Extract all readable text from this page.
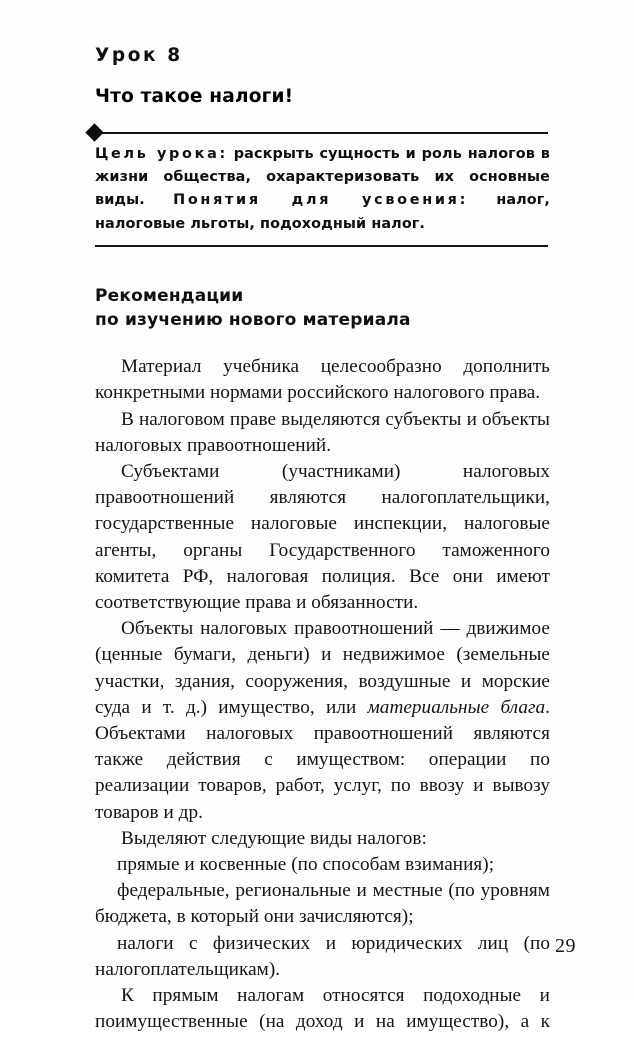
Урок 8
Что такое налоги!

Цель урока: раскрыть сущность и роль налогов в жизни общества, охарактеризовать их основные виды. Понятия для усвоения: налог, налоговые льготы, подоходный налог.

Рекомендации
по изучению нового материала

Материал учебника целесообразно дополнить конкретными нормами российского налогового права.

В налоговом праве выделяются субъекты и объекты налоговых правоотношений.

Субъектами (участниками) налоговых правоотношений являются налогоплательщики, государственные налоговые инспекции, налоговые агенты, органы Государственного таможенного комитета РФ, налоговая полиция. Все они имеют соответствующие права и обязанности.

Объекты налоговых правоотношений — движимое (ценные бумаги, деньги) и недвижимое (земельные участки, здания, сооружения, воздушные и морские суда и т. д.) имущество, или материальные блага. Объектами налоговых правоотношений являются также действия с имуществом: операции по реализации товаров, работ, услуг, по ввозу и вывозу товаров и др.

Выделяют следующие виды налогов:

прямые и косвенные (по способам взимания);

федеральные, региональные и местные (по уровням бюджета, в который они зачисляются);

налоги с физических и юридических лиц (по налогоплательщикам).

К прямым налогам относятся подоходные и поимущественные (на доход и на имущество), а к

29
